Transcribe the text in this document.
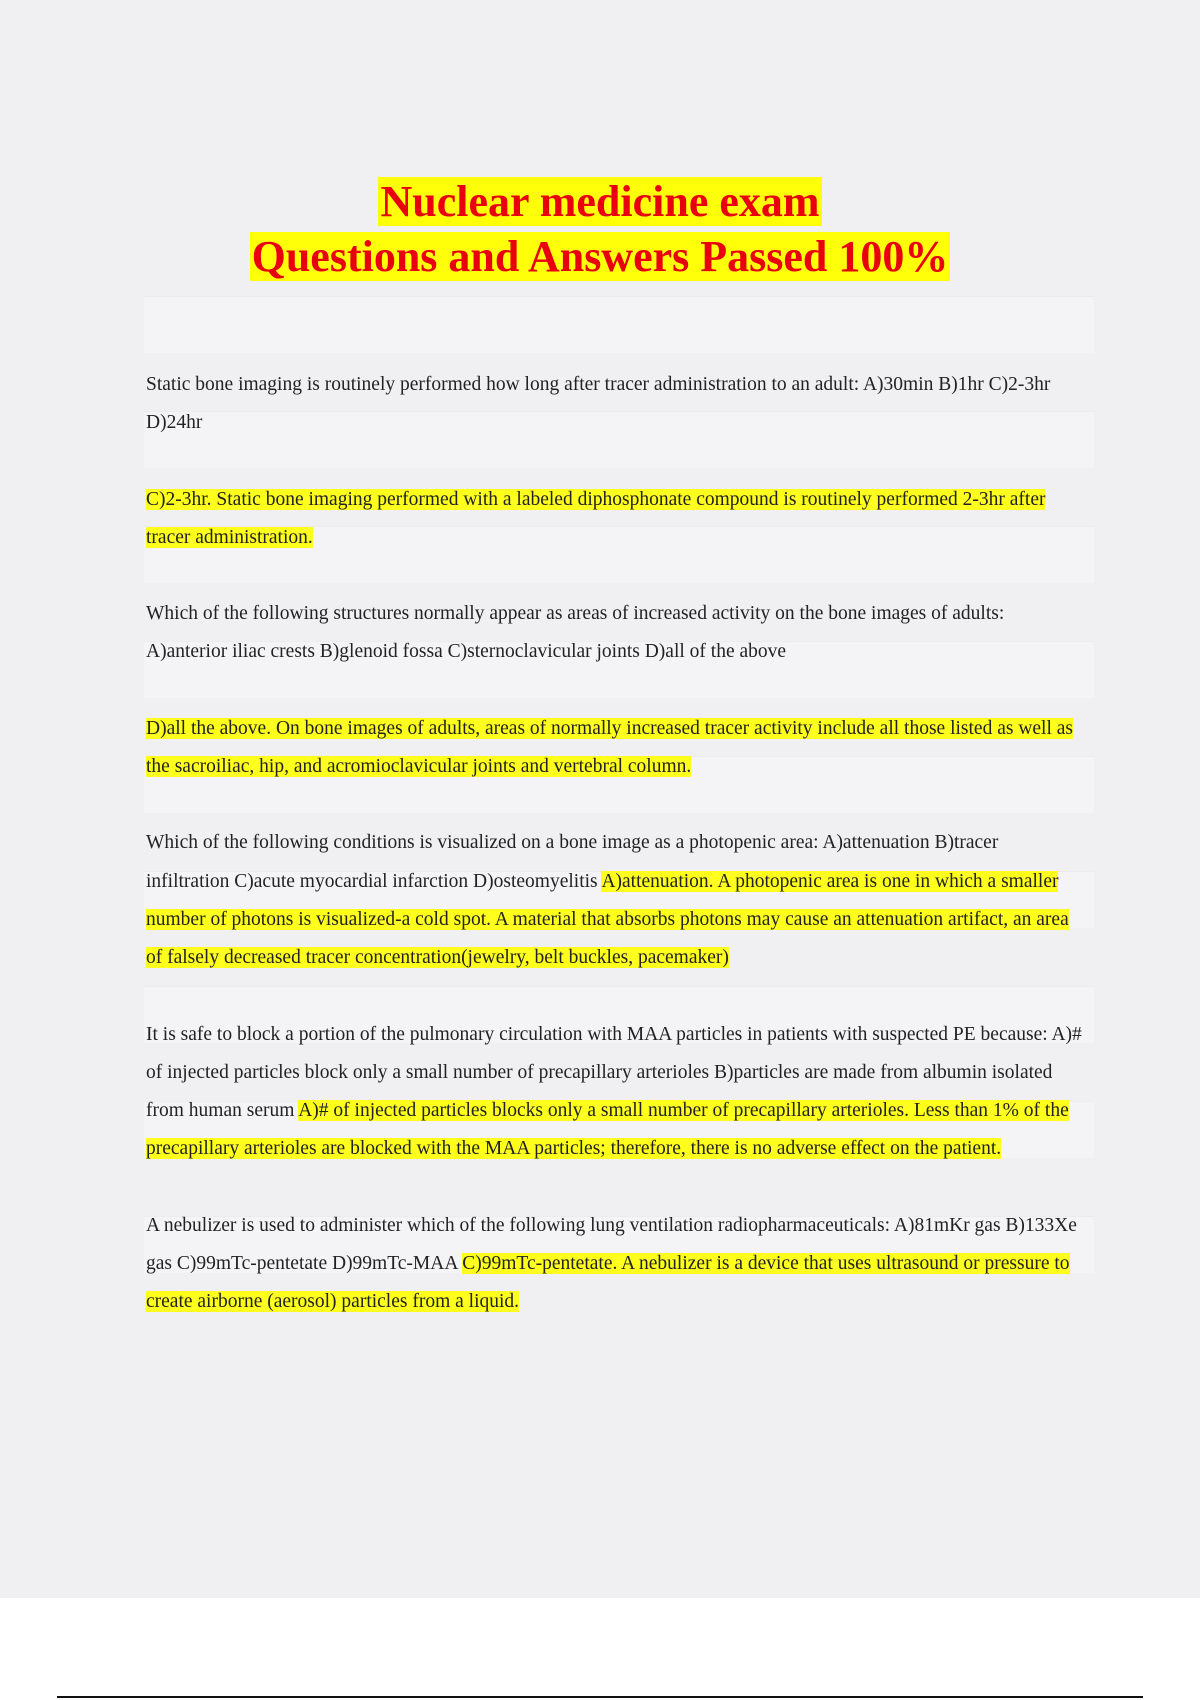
Nuclear medicine exam
Questions and Answers Passed 100%

Static bone imaging is routinely performed how long after tracer administration to an adult: A)30min B)1hr C)2-3hr D)24hr

C)2-3hr. Static bone imaging performed with a labeled diphosphonate compound is routinely performed 2-3hr after tracer administration.

Which of the following structures normally appear as areas of increased activity on the bone images of adults: A)anterior iliac crests B)glenoid fossa C)sternoclavicular joints D)all of the above

D)all the above. On bone images of adults, areas of normally increased tracer activity include all those listed as well as the sacroiliac, hip, and acromioclavicular joints and vertebral column.

Which of the following conditions is visualized on a bone image as a photopenic area: A)attenuation B)tracer infiltration C)acute myocardial infarction D)osteomyelitis A)attenuation. A photopenic area is one in which a smaller number of photons is visualized-a cold spot. A material that absorbs photons may cause an attenuation artifact, an area of falsely decreased tracer concentration(jewelry, belt buckles, pacemaker)

It is safe to block a portion of the pulmonary circulation with MAA particles in patients with suspected PE because: A)# of injected particles block only a small number of precapillary arterioles B)particles are made from albumin isolated from human serum A)# of injected particles blocks only a small number of precapillary arterioles. Less than 1% of the precapillary arterioles are blocked with the MAA particles; therefore, there is no adverse effect on the patient.

A nebulizer is used to administer which of the following lung ventilation radiopharmaceuticals: A)81mKr gas B)133Xe gas C)99mTc-pentetate D)99mTc-MAA C)99mTc-pentetate. A nebulizer is a device that uses ultrasound or pressure to create airborne (aerosol) particles from a liquid.
